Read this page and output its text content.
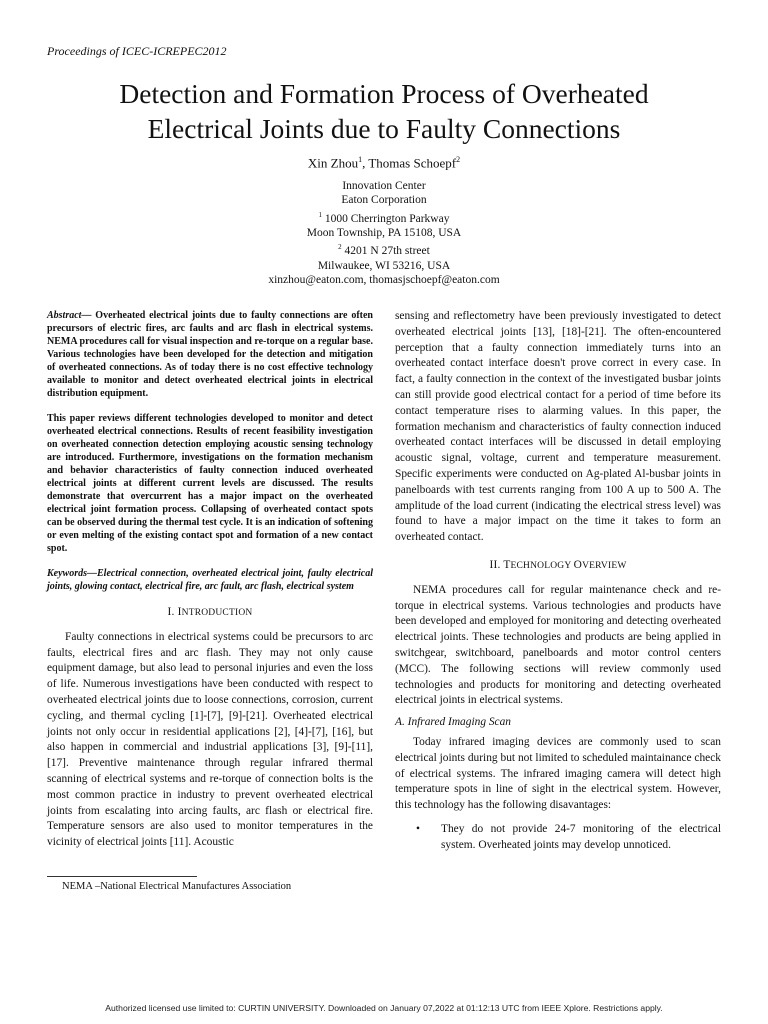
Proceedings of ICEC-ICREPEC2012
Detection and Formation Process of Overheated
Electrical Joints due to Faulty Connections
Xin Zhou$^1$, Thomas Schoepf$^2$
Innovation Center
Eaton Corporation
$^1$ 1000 Cherrington Parkway
Moon Township, PA 15108, USA
$^2$ 4201 N 27th street
Milwaukee, WI 53216, USA
xinzhou@eaton.com, thomasjschoepf@eaton.com

Abstract— Overheated electrical joints due to faulty connections are often precursors of electric fires, arc faults and arc flash in electrical systems. NEMA procedures call for visual inspection and re-torque on a regular base. Various technologies have been developed for the detection and mitigation of overheated connections. As of today there is no cost effective technology available to monitor and detect overheated electrical joints in electrical distribution equipment.

This paper reviews different technologies developed to monitor and detect overheated electrical connections. Results of recent feasibility investigation on overheated connection detection employing acoustic sensing technology are introduced. Furthermore, investigations on the formation mechanism and behavior characteristics of faulty connection induced overheated electrical joints at different current levels are discussed. The results demonstrate that overcurrent has a major impact on the overheated electrical joint formation process. Collapsing of overheated contact spots can be observed during the thermal test cycle. It is an indication of softening or even melting of the existing contact spot and formation of a new contact spot.

Keywords—Electrical connection, overheated electrical joint, faulty electrical joints, glowing contact, electrical fire, arc fault, arc flash, electrical system

I. INTRODUCTION

Faulty connections in electrical systems could be precursors to arc faults, electrical fires and arc flash. They may not only cause equipment damage, but also lead to personal injuries and even the loss of life. Numerous investigations have been conducted with respect to overheated electrical joints due to loose connections, corrosion, current cycling, and thermal cycling [1]-[7], [9]-[21]. Overheated electrical joints not only occur in residential applications [2], [4]-[7], [16], but also happen in commercial and industrial applications [3], [9]-[11], [17]. Preventive maintenance through regular infrared thermal scanning of electrical systems and re-torque of connection bolts is the most common practice in industry to prevent overheated electrical joints from escalating into arcing faults, arc flash or electrical fire. Temperature sensors are also used to monitor temperatures in the vicinity of electrical joints [11]. Acoustic

sensing and reflectometry have been previously investigated to detect overheated electrical joints [13], [18]-[21]. The often-encountered perception that a faulty connection immediately turns into an overheated contact interface doesn't prove correct in every case. In fact, a faulty connection in the context of the investigated busbar joints can still provide good electrical contact for a period of time before its contact temperature rises to alarming values. In this paper, the formation mechanism and characteristics of faulty connection induced overheated contact interfaces will be discussed in detail employing acoustic signal, voltage, current and temperature measurement. Specific experiments were conducted on Ag-plated Al-busbar joints in panelboards with test currents ranging from 100 A up to 500 A. The amplitude of the load current (indicating the electrical stress level) was found to have a major impact on the time it takes to form an overheated contact.

II. TECHNOLOGY OVERVIEW

NEMA procedures call for regular maintenance check and re-torque in electrical systems. Various technologies and products have been developed and employed for monitoring and detecting overheated electrical joints. These technologies and products are being applied in switchgear, switchboard, panelboards and motor control centers (MCC). The following sections will review commonly used technologies and products for monitoring and detecting overheated electrical joints in electrical systems.

A. Infrared Imaging Scan

Today infrared imaging devices are commonly used to scan electrical joints during but not limited to scheduled maintainance check of electrical systems. The infrared imaging camera will detect high temperature spots in line of sight in the electrical system. However, this technology has the following disavantages:

•	They do not provide 24-7 monitoring of the electrical system. Overheated joints may develop unnoticed.
NEMA –National Electrical Manufactures Association
Authorized licensed use limited to: CURTIN UNIVERSITY. Downloaded on January 07,2022 at 01:12:13 UTC from IEEE Xplore. Restrictions apply.
